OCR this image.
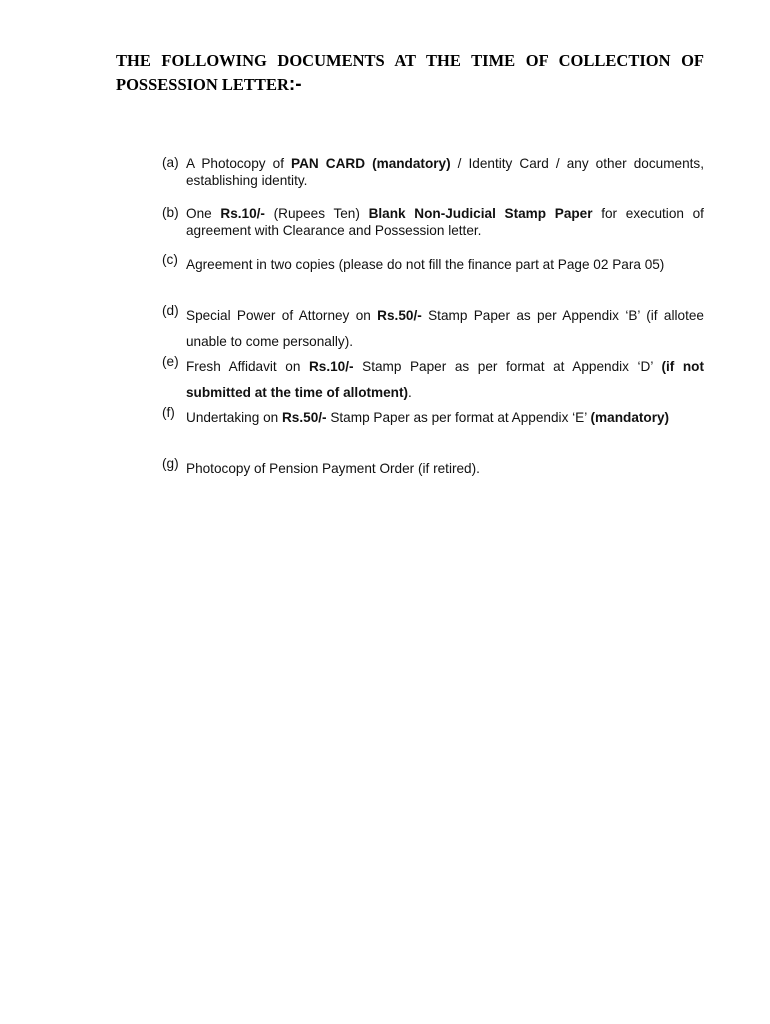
THE FOLLOWING DOCUMENTS AT THE TIME OF COLLECTION OF POSSESSION LETTER:-
(a) A Photocopy of PAN CARD (mandatory) / Identity Card / any other documents, establishing identity.
(b) One Rs.10/- (Rupees Ten) Blank Non-Judicial Stamp Paper for execution of agreement with Clearance and Possession letter.
(c) Agreement in two copies (please do not fill the finance part at Page 02 Para 05)
(d) Special Power of Attorney on Rs.50/- Stamp Paper as per Appendix ‘B’ (if allotee unable to come personally).
(e) Fresh Affidavit on Rs.10/- Stamp Paper as per format at Appendix ‘D’ (if not submitted at the time of allotment).
(f) Undertaking on Rs.50/- Stamp Paper as per format at Appendix ‘E’ (mandatory)
(g) Photocopy of Pension Payment Order (if retired).
